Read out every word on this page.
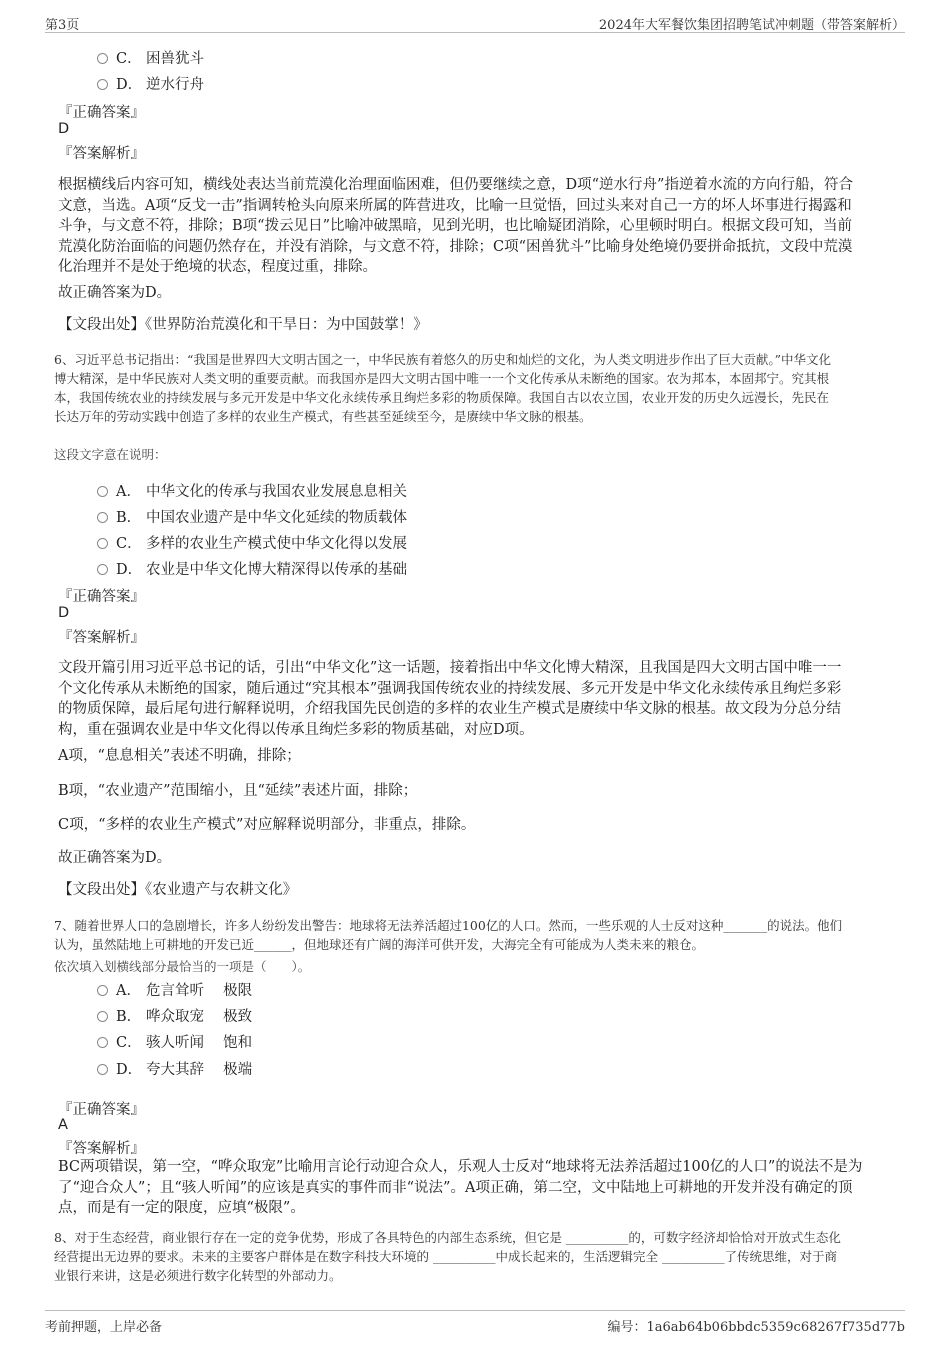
第3页	2024年大军餐饮集团招聘笔试冲刺题（带答案解析）
C． 困兽犹斗
D． 逆水行舟
『正确答案』
D
『答案解析』
根据横线后内容可知，横线处表达当前荒漠化治理面临困难，但仍要继续之意，D项“逆水行舟”指逆着水流的方向行船，符合
文意，当选。A项“反戈一击”指调转枪头向原来所属的阵营进攻，比喻一旦觉悟，回过头来对自己一方的坏人坏事进行揭露和
斗争，与文意不符，排除；B项“拨云见日”比喻冲破黑暗，见到光明，也比喻疑团消除，心里顿时明白。根据文段可知，当前
荒漠化防治面临的问题仍然存在，并没有消除，与文意不符，排除；C项“困兽犹斗”比喻身处绝境仍要拼命抵抗，文段中荒漠
化治理并不是处于绝境的状态，程度过重，排除。
故正确答案为D。
【文段出处】《世界防治荒漠化和干旱日：为中国鼓掌！》
6、习近平总书记指出：“我国是世界四大文明古国之一，中华民族有着悠久的历史和灿烂的文化，为人类文明进步作出了巨大贡献。”中华文化
博大精深，是中华民族对人类文明的重要贡献。而我国亦是四大文明古国中唯一一个文化传承从未断绝的国家。农为邦本，本固邦宁。究其根
本，我国传统农业的持续发展与多元开发是中华文化永续传承且绚烂多彩的物质保障。我国自古以农立国，农业开发的历史久远漫长，先民在
长达万年的劳动实践中创造了多样的农业生产模式，有些甚至延续至今，是赓续中华文脉的根基。
这段文字意在说明：
A． 中华文化的传承与我国农业发展息息相关
B． 中国农业遗产是中华文化延续的物质载体
C． 多样的农业生产模式使中华文化得以发展
D． 农业是中华文化博大精深得以传承的基础
『正确答案』
D
『答案解析』
文段开篇引用习近平总书记的话，引出“中华文化”这一话题，接着指出中华文化博大精深，且我国是四大文明古国中唯一一
个文化传承从未断绝的国家，随后通过“究其根本”强调我国传统农业的持续发展、多元开发是中华文化永续传承且绚烂多彩
的物质保障，最后尾句进行解释说明，介绍我国先民创造的多样的农业生产模式是赓续中华文脉的根基。故文段为分总分结
构，重在强调农业是中华文化得以传承且绚烂多彩的物质基础，对应D项。
A项，“息息相关”表述不明确，排除；
B项，“农业遗产”范围缩小，且“延续”表述片面，排除；
C项，“多样的农业生产模式”对应解释说明部分，非重点，排除。
故正确答案为D。
【文段出处】《农业遗产与农耕文化》
7、随着世界人口的急剧增长，许多人纷纷发出警告：地球将无法养活超过100亿的人口。然而，一些乐观的人士反对这种_______的说法。他们
认为，虽然陆地上可耕地的开发已近______，但地球还有广阔的海洋可供开发，大海完全有可能成为人类未来的粮仓。
依次填入划横线部分最恰当的一项是（　　）。
A． 危言耸听　 极限
B． 哗众取宠　 极致
C． 骇人听闻　 饱和
D． 夸大其辞　 极端
『正确答案』
A
『答案解析』
BC两项错误，第一空，“哗众取宠”比喻用言论行动迎合众人，乐观人士反对“地球将无法养活超过100亿的人口”的说法不是为
了“迎合众人”；且“骇人听闻”的应该是真实的事件而非“说法”。A项正确，第二空，文中陆地上可耕地的开发并没有确定的顶
点，而是有一定的限度，应填“极限”。
8、对于生态经营，商业银行存在一定的竞争优势，形成了各具特色的内部生态系统，但它是 __________的，可数字经济却恰恰对开放式生态化
经营提出无边界的要求。未来的主要客户群体是在数字科技大环境的 __________中成长起来的，生活逻辑完全 __________了传统思维，对于商
业银行来讲，这是必须进行数字化转型的外部动力。
考前押题，上岸必备	编号：1a6ab64b06bbdc5359c68267f735d77b
